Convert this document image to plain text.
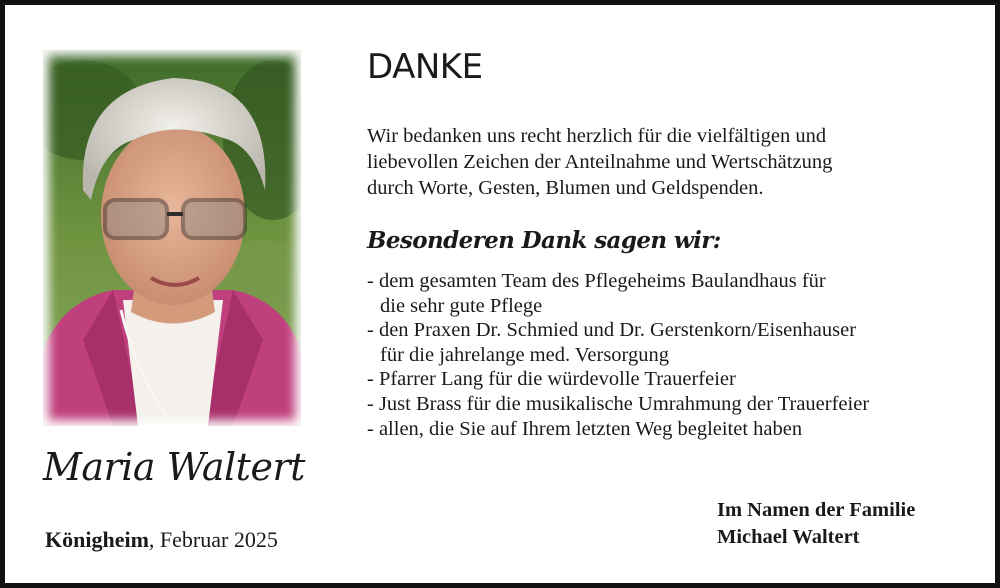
Maria Waltert
Königheim, Februar 2025
DANKE
Wir bedanken uns recht herzlich für die vielfältigen und
liebevollen Zeichen der Anteilnahme und Wertschätzung
durch Worte, Gesten, Blumen und Geldspenden.
Besonderen Dank sagen wir:
- dem gesamten Team des Pflegeheims Baulandhaus für
die sehr gute Pflege
- den Praxen Dr. Schmied und Dr. Gerstenkorn/Eisenhauser
für die jahrelange med. Versorgung
- Pfarrer Lang für die würdevolle Trauerfeier
- Just Brass für die musikalische Umrahmung der Trauerfeier
- allen, die Sie auf Ihrem letzten Weg begleitet haben
Im Namen der Familie
Michael Waltert
